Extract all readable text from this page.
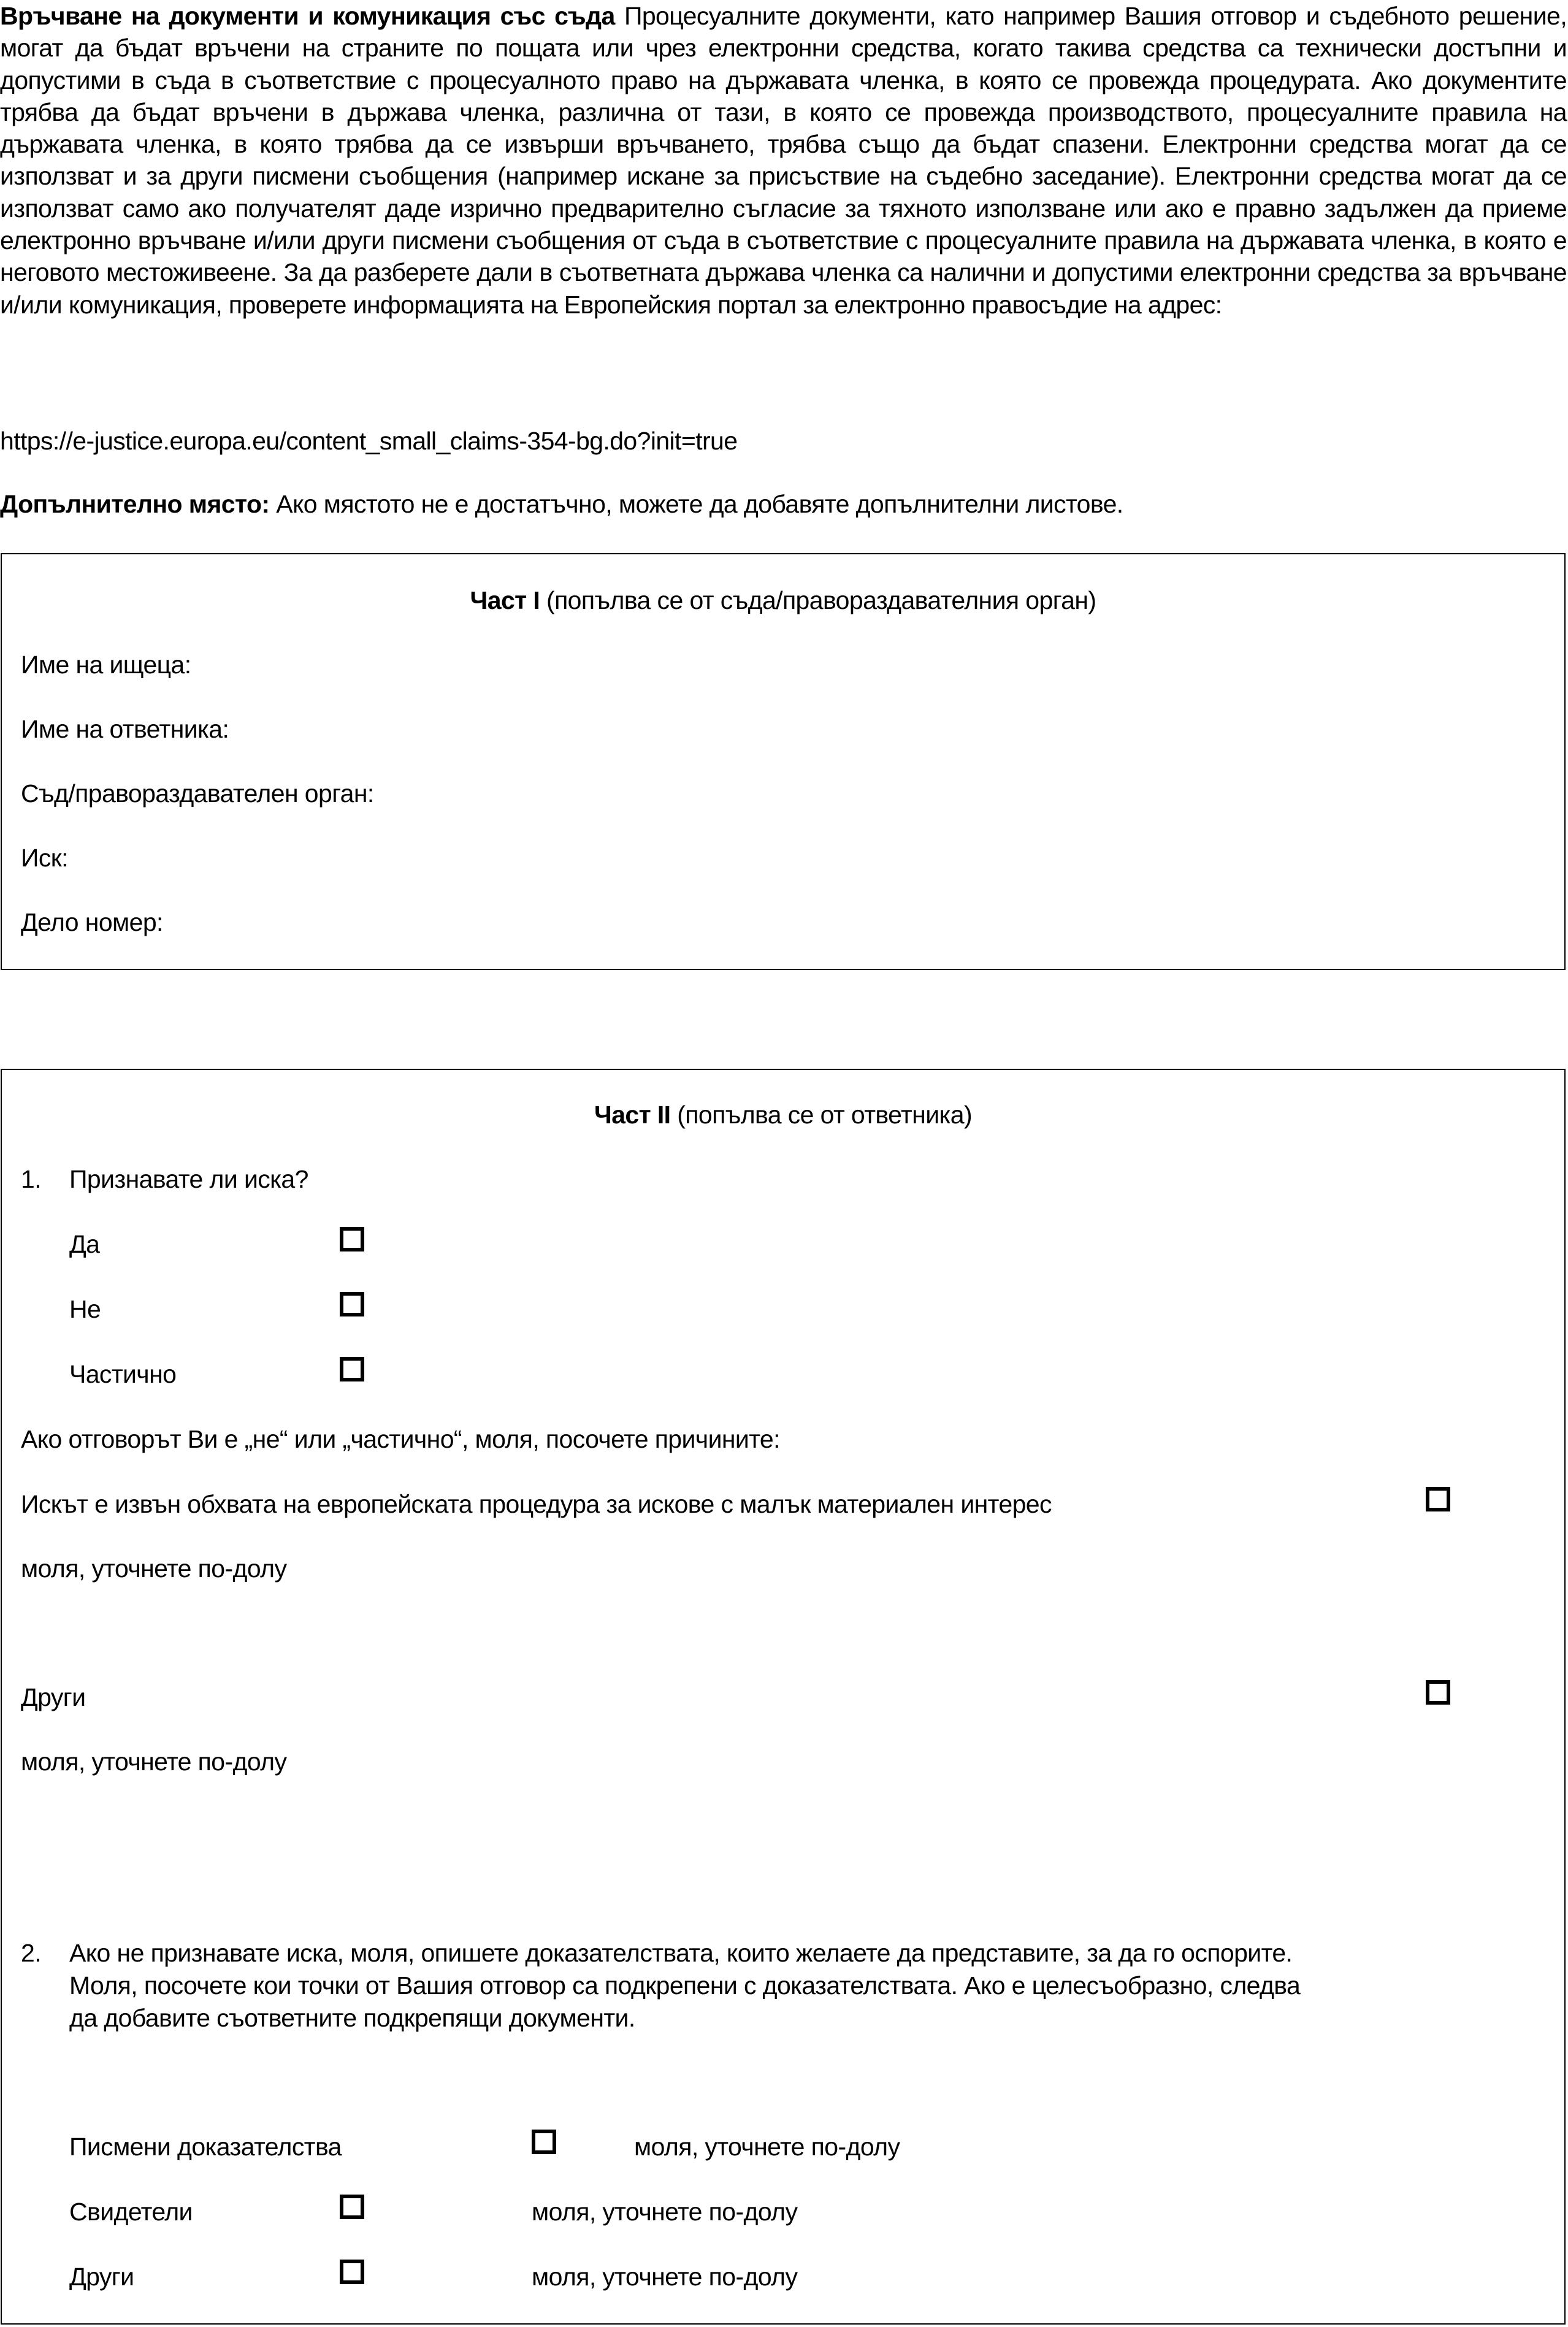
Връчване на документи и комуникация със съда Процесуалните документи, като например Вашия отговор и съдебното решение, могат да бъдат връчени на страните по пощата или чрез електронни средства, когато такива средства са технически достъпни и допустими в съда в съответствие с процесуалното право на държавата членка, в която се провежда процедурата. Ако документите трябва да бъдат връчени в държава членка, различна от тази, в която се провежда производството, процесуалните правила на държавата членка, в която трябва да се извърши връчването, трябва също да бъдат спазени. Електронни средства могат да се използват и за други писмени съобщения (например искане за присъствие на съдебно заседание). Електронни средства могат да се използват само ако получателят даде изрично предварително съгласие за тяхното използване или ако е правно задължен да приеме електронно връчване и/или други писмени съобщения от съда в съответствие с процесуалните правила на държавата членка, в която е неговото местоживеене. За да разберете дали в съответната държава членка са налични и допустими електронни средства за връчване и/или комуникация, проверете информацията на Европейския портал за електронно правосъдие на адрес:
https://e-justice.europa.eu/content_small_claims-354-bg.do?init=true
Допълнително място: Ако мястото не е достатъчно, можете да добавяте допълнителни листове.
Част I (попълва се от съда/правораздавателния орган)
Име на ищеца:
Име на ответника:
Съд/правораздавателен орган:
Иск:
Дело номер:
Част II (попълва се от ответника)
1. Признавате ли иска?
Да
Не
Частично
Ако отговорът Ви е „не“ или „частично“, моля, посочете причините:
Искът е извън обхвата на европейската процедура за искове с малък материален интерес
моля, уточнете по-долу
Други
моля, уточнете по-долу
2. Ако не признавате иска, моля, опишете доказателствата, които желаете да представите, за да го оспорите.
Моля, посочете кои точки от Вашия отговор са подкрепени с доказателствата. Ако е целесъобразно, следва
да добавите съответните подкрепящи документи.
Писмени доказателства	моля, уточнете по-долу
Свидетели	моля, уточнете по-долу
Други	моля, уточнете по-долу
